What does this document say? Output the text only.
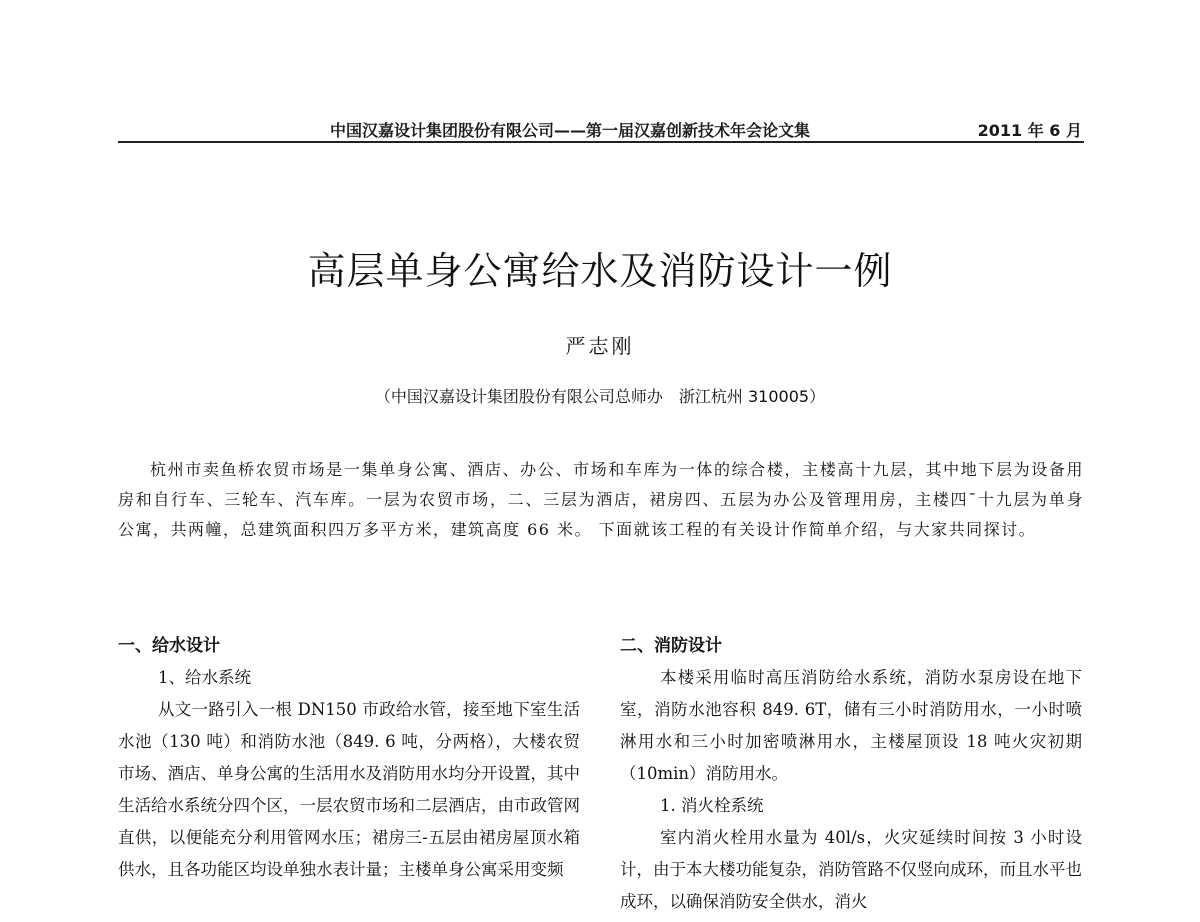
中国汉嘉设计集团股份有限公司——第一届汉嘉创新技术年会论文集	2011 年 6 月
高层单身公寓给水及消防设计一例
严志刚
（中国汉嘉设计集团股份有限公司总师办　浙江杭州 310005）

杭州市卖鱼桥农贸市场是一集单身公寓、酒店、办公、市场和车库为一体的综合楼，主楼高十九层，其中地下层为设备用房和自行车、三轮车、汽车库。一层为农贸市场，二、三层为酒店，裙房四、五层为办公及管理用房，主楼四¯十九层为单身公寓，共两幢，总建筑面积四万多平方米，建筑高度 66 米。 下面就该工程的有关设计作简单介绍，与大家共同探讨。

一、给水设计
1、给水系统

从文一路引入一根 DN150 市政给水管，接至地下室生活水池（130 吨）和消防水池（849. 6 吨，分两格），大楼农贸市场、酒店、单身公寓的生活用水及消防用水均分开设置，其中生活给水系统分四个区，一层农贸市场和二层酒店，由市政管网直供，以便能充分利用管网水压；裙房三-五层由裙房屋顶水箱供水，且各功能区均设单独水表计量；主楼单身公寓采用变频

二、消防设计

本楼采用临时高压消防给水系统，消防水泵房设在地下室，消防水池容积 849. 6T，储有三小时消防用水，一小时喷淋用水和三小时加密喷淋用水，主楼屋顶设 18 吨火灾初期（10min）消防用水。

1. 消火栓系统

室内消火栓用水量为 40l/s，火灾延续时间按 3 小时设计，由于本大楼功能复杂，消防管路不仅竖向成环，而且水平也成环，以确保消防安全供水，消火
